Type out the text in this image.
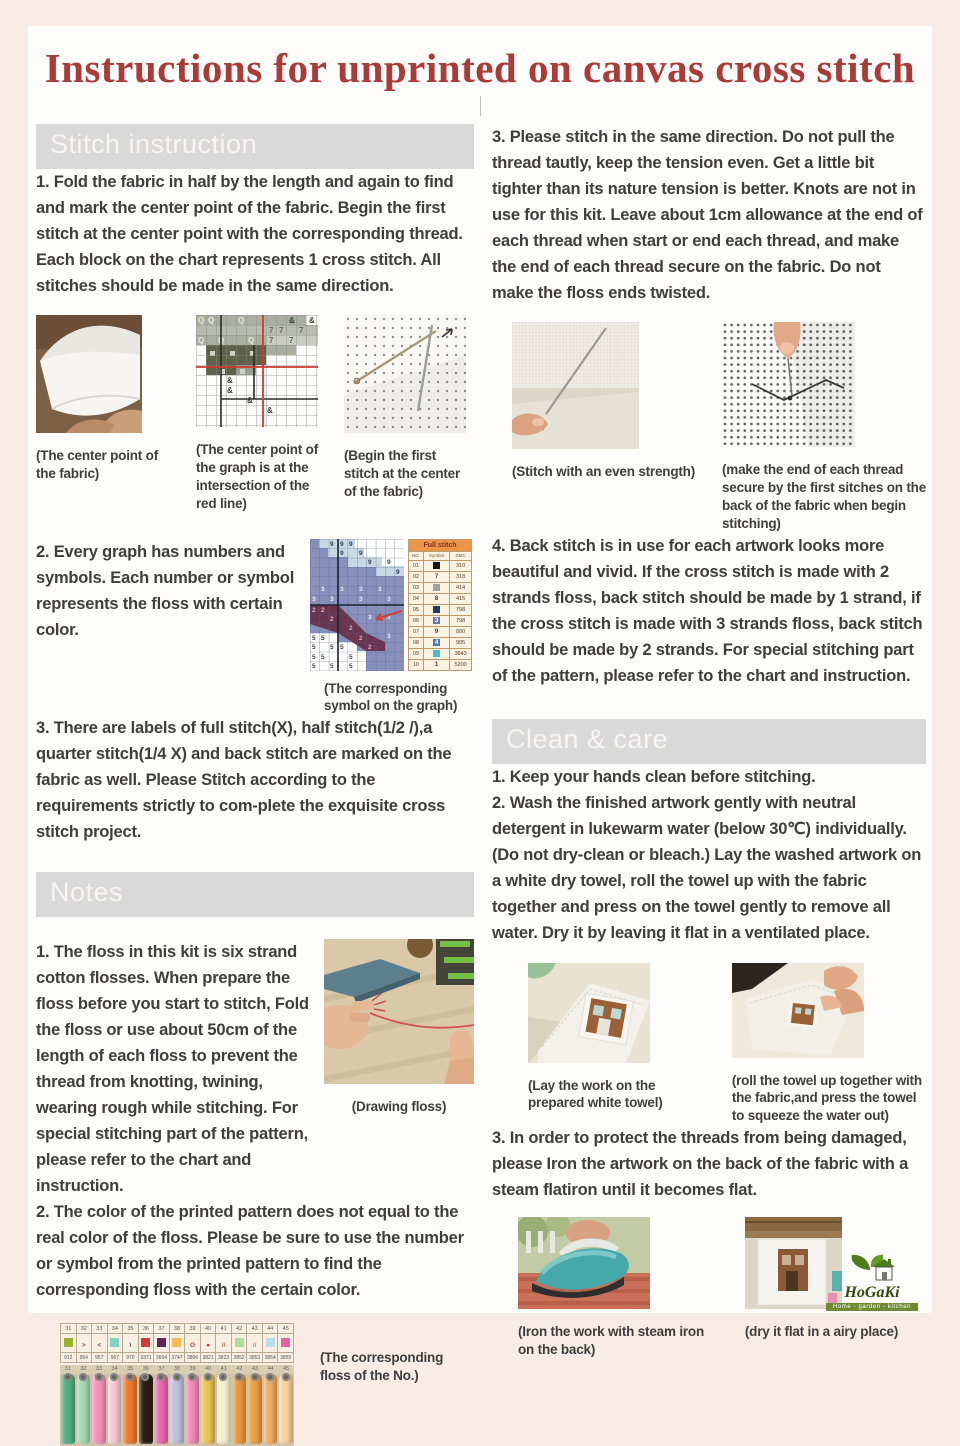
Instructions for unprinted on canvas cross stitch
Stitch instruction

1. Fold the fabric in half by the length and again to find and mark the center point of the fabric. Begin the first stitch at the center point with the corresponding thread. Each block on the chart represents 1 cross stitch. All stitches should be made in the same direction.

(The center point of the fabric)
(The center point of the graph is at the intersection of the red line)
(Begin the first stitch at the center of the fabric)

2. Every graph has numbers and symbols. Each number or symbol represents the floss with certain color.

Full stitch		
NO.	Symbol	DMC
01		310
02	7	318
03		414
04	8	415
05		798
06	3	798
07	9	800
08	4	905
09		3843
10	1	5200
(The corresponding symbol on the graph)

3. There are labels of full stitch(X), half stitch(1/2 /),a quarter stitch(1/4 X) and back stitch are marked on the fabric as well. Please Stitch according to the requirements strictly to com-plete the exquisite cross stitch project.

Notes

1. The floss in this kit is six strand cotton flosses. When prepare the floss before you start to stitch, Fold the floss or use about 50cm of the length of each floss to prevent the thread from knotting, twining, wearing rough while stitching. For special stitching part of the pattern, please refer to the chart and instruction.

(Drawing floss)

2. The color of the printed pattern does not equal to the real color of the floss. Please be sure to use the number or symbol from the printed pattern to find the corresponding floss with the certain color.

31	32	33	34	35	36	37	38	39	40	41	42	43	44	45
	>	<		\				O	●	//		//		
912	954	957	967	970	3371	3604	3747	3806	3821	3823	3852	3853	3854	3855
31	32	33	34	35	36	37	38	39	40	41	42	43	44	45
(The corresponding floss of the No.)

3. Please stitch in the same direction. Do not pull the thread tautly, keep the tension even. Get a little bit tighter than its nature tension is better. Knots are not in use for this kit. Leave about 1cm allowance at the end of each thread when start or end each thread, and make the end of each thread secure on the fabric. Do not make the floss ends twisted.

(Stitch with an even strength)	(make the end of each thread secure by the first sitches on the back of the fabric when begin stitching)

4. Back stitch is in use for each artwork looks more beautiful and vivid. If the cross stitch is made with 2 strands floss, back stitch should be made by 1 strand, if the cross stitch is made with 3 strands floss, back stitch should be made by 2 strands. For special stitching part of the pattern, please refer to the chart and instruction.

Clean & care

1. Keep your hands clean before stitching.

2. Wash the finished artwork gently with neutral detergent in lukewarm water (below 30℃) individually.(Do not dry-clean or bleach.) Lay the washed artwork on a white dry towel, roll the towel up with the fabric together and press on the towel gently to remove all water. Dry it by leaving it flat in a ventilated place.

(Lay the work on the prepared white towel)
(roll the towel up together with the fabric,and press the towel to squeeze the water out)

3. In order to protect the threads from being damaged, please Iron the artwork on the back of the fabric with a steam flatiron until it becomes flat.

(Iron the work with steam iron on the back)
(dry it flat in a airy place)
HoGaKi
Home - garden - kitchen
